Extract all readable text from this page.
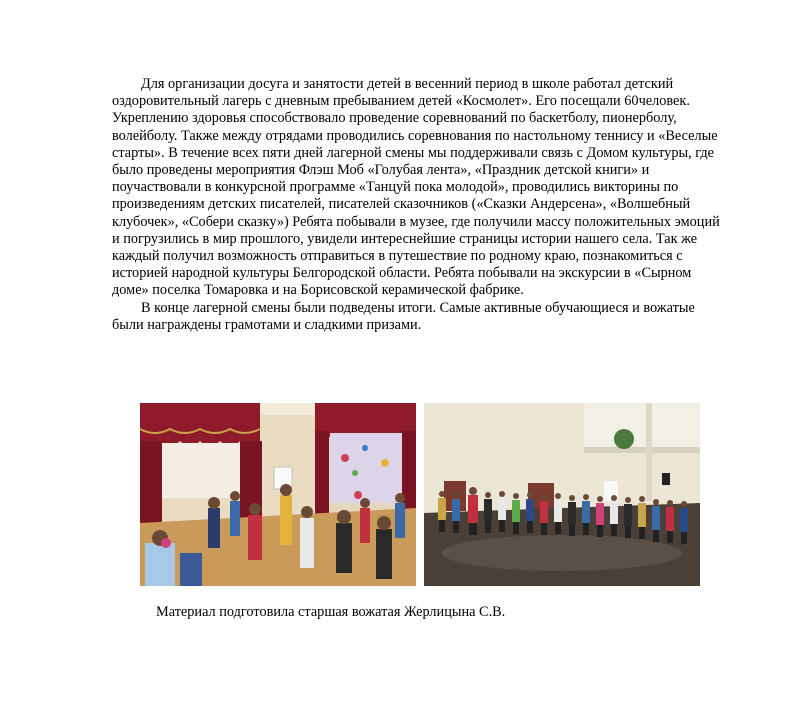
Для организации досуга и занятости детей в весенний период в школе работал детский оздоровительный лагерь с дневным пребыванием детей «Космолет». Его посещали 60человек.

Укреплению здоровья способствовало проведение соревнований по баскетболу, пионерболу, волейболу. Также между отрядами проводились соревнования по настольному теннису и «Веселые старты». В течение всех пяти дней лагерной смены мы поддерживали связь с Домом культуры, где было проведены мероприятия Флэш Моб «Голубая лента», «Праздник детской книги» и поучаствовали в конкурсной программе «Танцуй пока молодой», проводились викторины по произведениям детских писателей, писателей сказочников («Сказки Андерсена», «Волшебный клубочек», «Собери сказку») Ребята побывали в музее, где получили массу положительных эмоций и погрузились в мир прошлого, увидели интереснейшие страницы истории нашего села. Так же каждый получил возможность отправиться в путешествие по родному краю, познакомиться с историей народной культуры Белгородской области. Ребята побывали на экскурсии в «Сырном доме» поселка Томаровка и на Борисовской керамической фабрике.

В конце лагерной смены были подведены итоги. Самые активные обучающиеся и вожатые были награждены грамотами и сладкими призами.

Материал подготовила старшая вожатая Жерлицына С.В.
